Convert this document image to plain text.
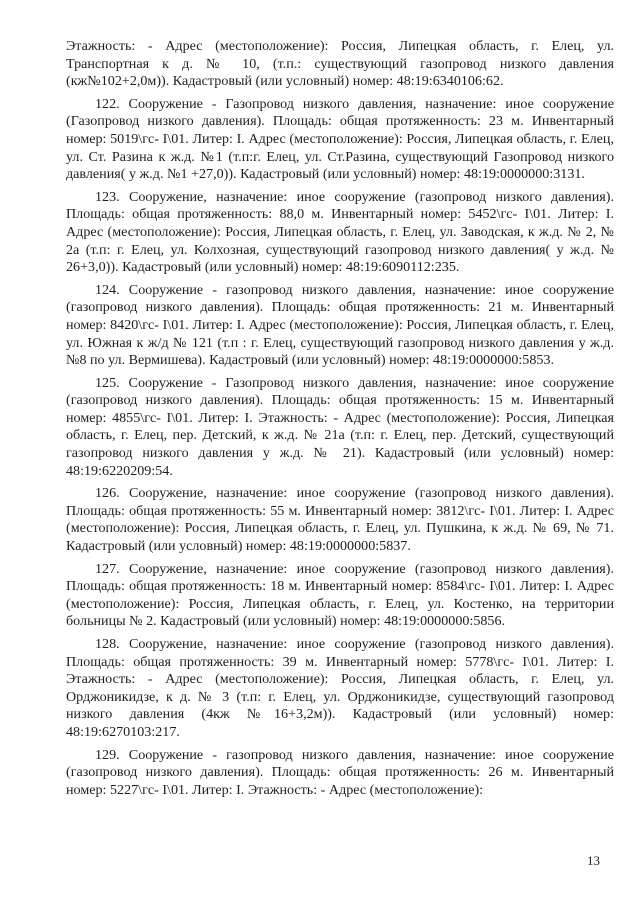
Этажность: - Адрес (местоположение): Россия, Липецкая область, г. Елец, ул. Транспортная к д. № 10, (т.п.: существующий газопровод низкого давления (кж№102+2,0м)). Кадастровый (или условный) номер: 48:19:6340106:62.

122. Сооружение - Газопровод низкого давления, назначение: иное сооружение (Газопровод низкого давления). Площадь: общая протяженность: 23 м. Инвентарный номер: 5019\гс- I\01. Литер: I. Адрес (местоположение): Россия, Липецкая область, г. Елец, ул. Ст. Разина к ж.д. №1 (т.п:г. Елец, ул. Ст.Разина, существующий Газопровод низкого давления( у ж.д. №1 +27,0)). Кадастровый (или условный) номер: 48:19:0000000:3131.

123. Сооружение, назначение: иное сооружение (газопровод низкого давления). Площадь: общая протяженность: 88,0 м. Инвентарный номер: 5452\гс- I\01. Литер: I. Адрес (местоположение): Россия, Липецкая область, г. Елец, ул. Заводская, к ж.д. № 2, № 2а (т.п: г. Елец, ул. Колхозная, существующий газопровод низкого давления( у ж.д. № 26+3,0)). Кадастровый (или условный) номер: 48:19:6090112:235.

124. Сооружение - газопровод низкого давления, назначение: иное сооружение (газопровод низкого давления). Площадь: общая протяженность: 21 м. Инвентарный номер: 8420\гс- I\01. Литер: I. Адрес (местоположение): Россия, Липецкая область, г. Елец, ул. Южная к ж/д № 121 (т.п : г. Елец, существующий газопровод низкого давления у ж.д. №8 по ул. Вермишева). Кадастровый (или условный) номер: 48:19:0000000:5853.

125. Сооружение - Газопровод низкого давления, назначение: иное сооружение (газопровод низкого давления). Площадь: общая протяженность: 15 м. Инвентарный номер: 4855\гс- I\01. Литер: I. Этажность: - Адрес (местоположение): Россия, Липецкая область, г. Елец, пер. Детский, к ж.д. № 21а (т.п: г. Елец, пер. Детский, существующий газопровод низкого давления у ж.д. № 21). Кадастровый (или условный) номер: 48:19:6220209:54.

126. Сооружение, назначение: иное сооружение (газопровод низкого давления). Площадь: общая протяженность: 55 м. Инвентарный номер: 3812\гс- I\01. Литер: I. Адрес (местоположение): Россия, Липецкая область, г. Елец, ул. Пушкина, к ж.д. № 69, № 71. Кадастровый (или условный) номер: 48:19:0000000:5837.

127. Сооружение, назначение: иное сооружение (газопровод низкого давления). Площадь: общая протяженность: 18 м. Инвентарный номер: 8584\гс- I\01. Литер: I. Адрес (местоположение): Россия, Липецкая область, г. Елец, ул. Костенко, на территории больницы № 2. Кадастровый (или условный) номер: 48:19:0000000:5856.

128. Сооружение, назначение: иное сооружение (газопровод низкого давления). Площадь: общая протяженность: 39 м. Инвентарный номер: 5778\гс- I\01. Литер: I. Этажность: - Адрес (местоположение): Россия, Липецкая область, г. Елец, ул. Орджоникидзе, к д. № 3 (т.п: г. Елец, ул. Орджоникидзе, существующий газопровод низкого давления (4кж №16+3,2м)). Кадастровый (или условный) номер: 48:19:6270103:217.

129. Сооружение - газопровод низкого давления, назначение: иное сооружение (газопровод низкого давления). Площадь: общая протяженность: 26 м. Инвентарный номер: 5227\гс- I\01. Литер: I. Этажность: - Адрес (местоположение):

13
